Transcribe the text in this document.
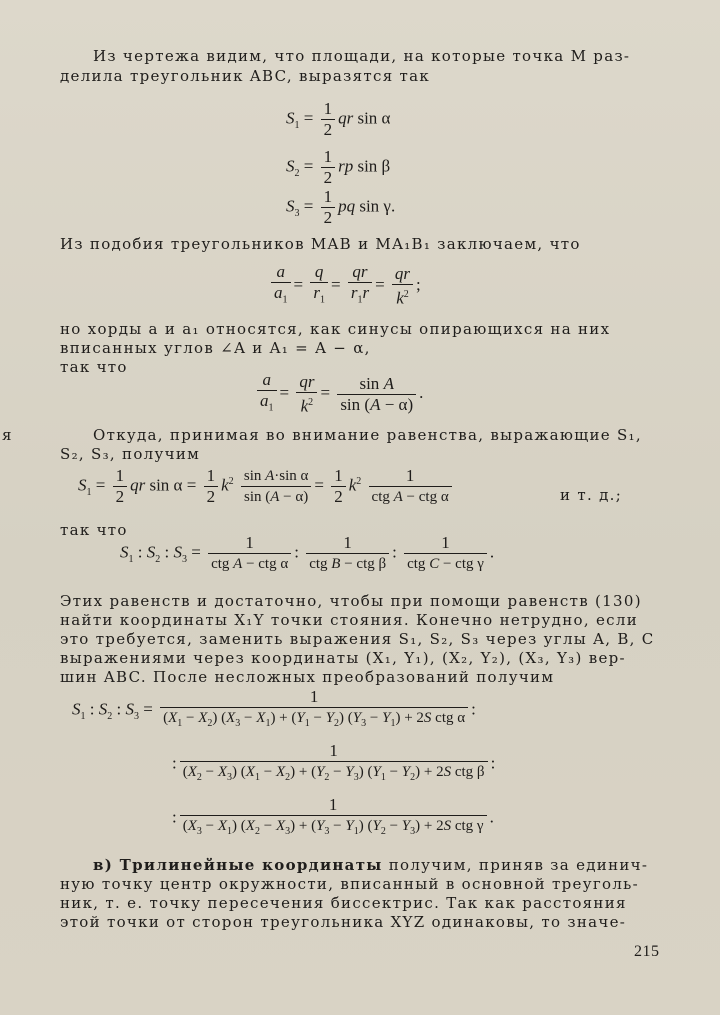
я
Из чертежа видим, что площади, на которые точка M раз-
делила треугольник ABC, выразятся так
$S_1 = \frac{1}{2}$ qr sin α
$S_2 = \frac{1}{2}$ rp sin β
$S_3 = \frac{1}{2}$ pq sin γ.
Из подобия треугольников MAB и MA₁B₁ заключаем, что
$\frac{a}{a_1} = \frac{q}{r_1} = \frac{qr}{r_1r} = \frac{qr}{k^2}$ ;
но хорды a и a₁ относятся, как синусы опирающихся на них
вписанных углов ∠A и A₁ = A − α,
так что
$\frac{a}{a_1} = \frac{qr}{k^2} = \frac{\text{sin A}}{\sin (A - \alpha)}$ .
Откуда, принимая во внимание равенства, выражающие S₁,
S₂, S₃, получим
$S_1 = \frac{1}{2}$ qr $\sin \alpha = \frac{1}{2} k^2 \frac{\text{sin A·sin α}}{\sin (A - \alpha)} = \frac{1}{2} k^2 \frac{1}{\text{ctg A − ctg α}}$	и т. д.;
так что
$S_1$ : $S_2$ : $S_3 = \frac{1}{\text{ctg A − ctg α}}$ : $\frac{1}{\text{ctg B − ctg β}}$ : $\frac{1}{\text{ctg C − ctg γ}}$ .
Этих равенств и достаточно, чтобы при помощи равенств (130)
найти координаты X₁Y точки стояния. Конечно нетрудно, если
это требуется, заменить выражения S₁, S₂, S₃ через углы A, B, C
выражениями через координаты (X₁, Y₁), (X₂, Y₂), (X₃, Y₃) вер-
шин ABC. После несложных преобразований получим
$S_1$ : $S_2$ : $S_3 = \frac{1}{(X_1 - X_2) (X_3 - X_1) + (Y_1 - Y_2) (Y_3 - Y_1) + 2S ctg \alpha}$ :
: $\frac{1}{(X_2 - X_3) (X_1 - X_2) + (Y_2 - Y_3) (Y_1 - Y_2) + 2S ctg \beta}$ :
: $\frac{1}{(X_3 - X_1) (X_2 - X_3) + (Y_3 - Y_1) (Y_2 - Y_3) + 2S ctg \gamma}$ .
в) Трилинейные координаты получим, приняв за единич-
ную точку центр окружности, вписанный в основной треуголь-
ник, т. е. точку пересечения биссектрис. Так как расстояния
этой точки от сторон треугольника XYZ одинаковы, то значе-
215
